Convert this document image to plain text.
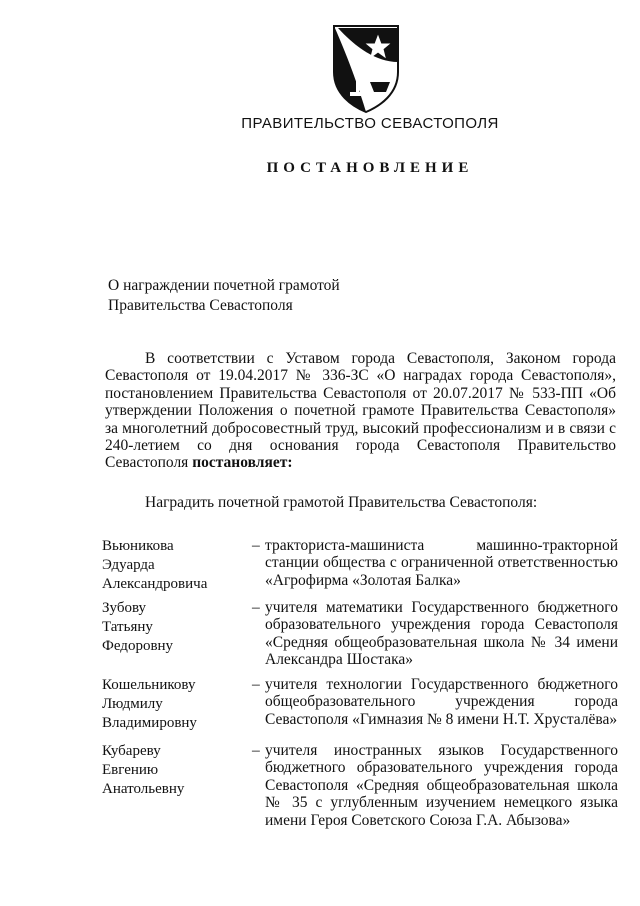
ПРАВИТЕЛЬСТВО СЕВАСТОПОЛЯ
ПОСТАНОВЛЕНИЕ
О награждении почетной грамотой
Правительства Севастополя
В соответствии с Уставом города Севастополя, Законом города Севастополя от 19.04.2017 № 336-ЗС «О наградах города Севастополя», постановлением Правительства Севастополя от 20.07.2017 № 533-ПП «Об утверждении Положения о почетной грамоте Правительства Севастополя» за многолетний добросовестный труд, высокий профессионализм и в связи с 240-летием со дня основания города Севастополя Правительство Севастополя постановляет:
Наградить почетной грамотой Правительства Севастополя:
Вьюникова
Эдуарда
Александровича
– тракториста-машиниста машинно-тракторной станции общества с ограниченной ответственностью «Агрофирма «Золотая Балка»
Зубову
Татьяну
Федоровну
– учителя математики Государственного бюджетного образовательного учреждения города Севастополя «Средняя общеобразовательная школа № 34 имени Александра Шостака»
Кошельникову
Людмилу
Владимировну
– учителя технологии Государственного бюджетного общеобразовательного учреждения города Севастополя «Гимназия № 8 имени Н.Т. Хрусталёва»
Кубареву
Евгению
Анатольевну
– учителя иностранных языков Государственного бюджетного образовательного учреждения города Севастополя «Средняя общеобразовательная школа № 35 с углубленным изучением немецкого языка имени Героя Советского Союза Г.А. Абызова»
